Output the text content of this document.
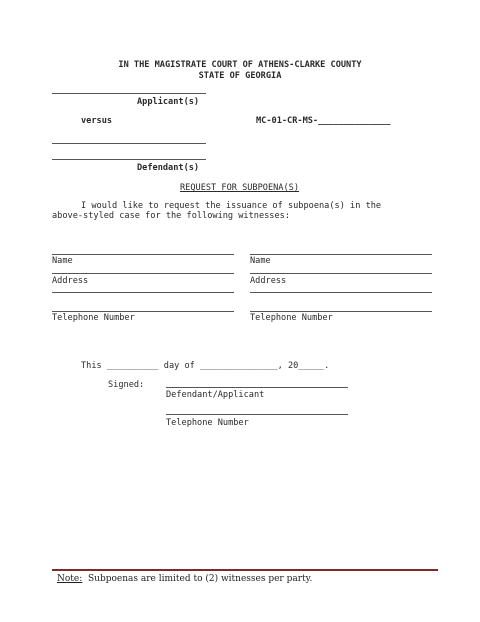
IN THE MAGISTRATE COURT OF ATHENS-CLARKE COUNTY
STATE OF GEORGIA
Applicant(s)
versus	MC-01-CR-MS-______________
Defendant(s)
REQUEST FOR SUBPOENA(S)
I would like to request the issuance of subpoena(s) in the
above-styled case for the following witnesses:
Name
Address
Telephone Number
Name
Address
Telephone Number
This __________ day of _______________, 20_____.
Signed:
Defendant/Applicant
Telephone Number
Note:  Subpoenas are limited to (2) witnesses per party.
